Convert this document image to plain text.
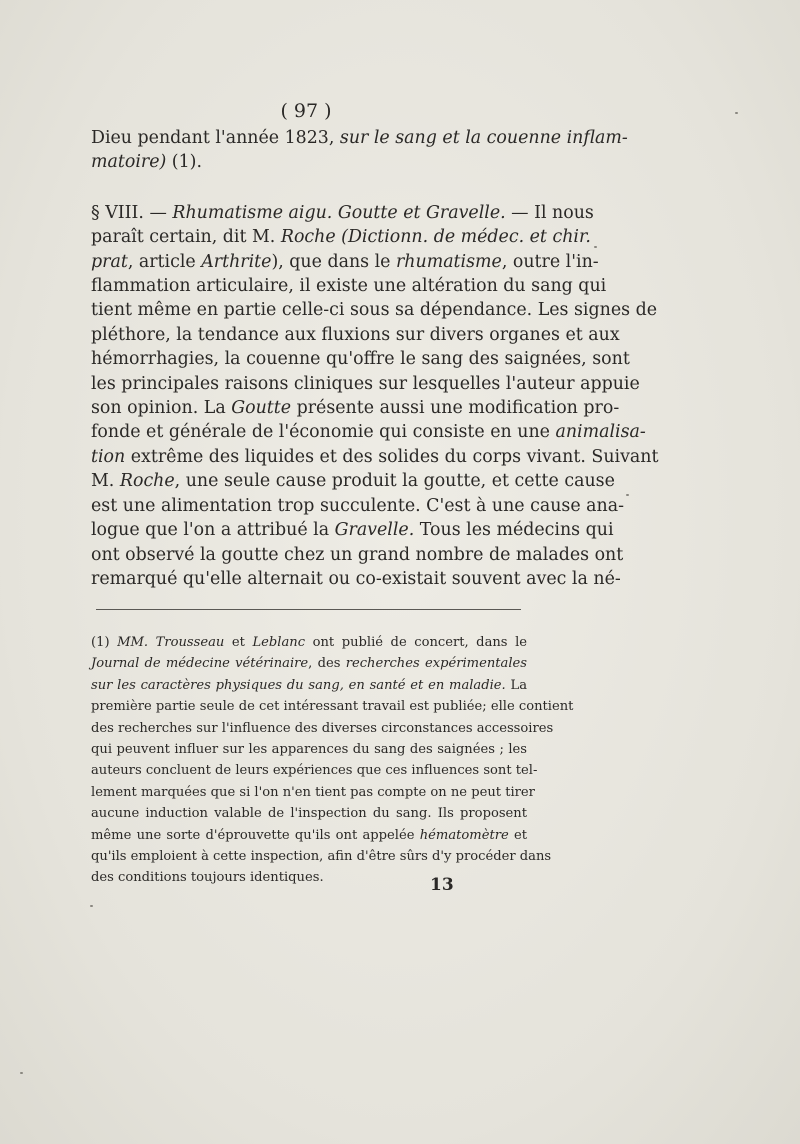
( 97 )
Dieu pendant l'année 1823, sur le sang et la couenne inflam-
matoire) (1).
§ VIII. — Rhumatisme aigu. Goutte et Gravelle. — Il nous
paraît certain, dit M. Roche (Dictionn. de médec. et chir.
prat, article Arthrite), que dans le rhumatisme, outre l'in-
flammation articulaire, il existe une altération du sang qui
tient même en partie celle-ci sous sa dépendance. Les signes de
pléthore, la tendance aux fluxions sur divers organes et aux
hémorrhagies, la couenne qu'offre le sang des saignées, sont
les principales raisons cliniques sur lesquelles l'auteur appuie
son opinion. La Goutte présente aussi une modification pro-
fonde et générale de l'économie qui consiste en une animalisa-
tion extrême des liquides et des solides du corps vivant. Suivant
M. Roche, une seule cause produit la goutte, et cette cause
est une alimentation trop succulente. C'est à une cause ana-
logue que l'on a attribué la Gravelle. Tous les médecins qui
ont observé la goutte chez un grand nombre de malades ont
remarqué qu'elle alternait ou co-existait souvent avec la né-
(1) MM. Trousseau et Leblanc ont publié de concert, dans le
Journal de médecine vétérinaire, des recherches expérimentales
sur les caractères physiques du sang, en santé et en maladie. La
première partie seule de cet intéressant travail est publiée; elle contient
des recherches sur l'influence des diverses circonstances accessoires
qui peuvent influer sur les apparences du sang des saignées ; les
auteurs concluent de leurs expériences que ces influences sont tel-
lement marquées que si l'on n'en tient pas compte on ne peut tirer
aucune induction valable de l'inspection du sang. Ils proposent
même une sorte d'éprouvette qu'ils ont appelée hématomètre et
qu'ils emploient à cette inspection, afin d'être sûrs d'y procéder dans
des conditions toujours identiques.	13
